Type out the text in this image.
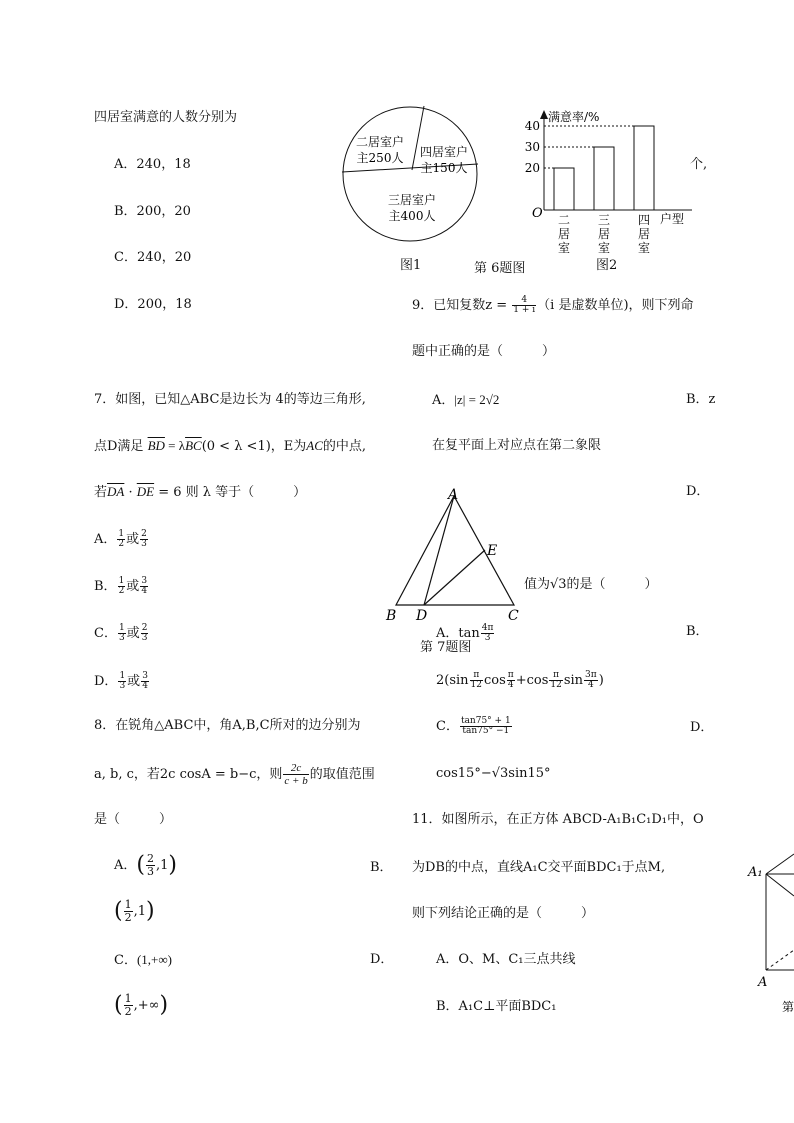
四居室满意的人数分别为
A．240，18
B．200，20
C．240，20
D．200，18
7．如图，已知△ABC是边长为 4的等边三角形,
点D满足 $\overline{BD} = \lambda\overline{BC}(0 < \lambda <1)$，E为AC的中点,
若$\overline{DA} \cdot \overline{DE} = 6$ 则 λ 等于（　　　）
A． $\frac{1}{2}$ 或 $\frac{2}{3}$
B． $\frac{1}{2}$ 或 $\frac{3}{4}$
C． $\frac{1}{3}$ 或 $\frac{2}{3}$
D． $\frac{1}{3}$ 或 $\frac{3}{4}$
8．在锐角△ABC中，角A,B,C所对的边分别为
a, b, c，若2c cosA = b−c，则 $\frac{2c}{c + b}$ 的取值范围
是（　　　）
A．( $\frac{2}{3} ,1$)	B．
( $\frac{1}{2} ,1$)
C．(1,+∞)	D．
( $\frac{1}{2}$ ,+∞)
二居室户
主250人 四居室户
主150人
三居室户
主400人
图1	第 6题图
满意率/%
O	户型
20
二
居
室
30
三
居
室
40
四
居
室
图2
个,
9．已知复数$z = \frac{4}{1 + i} (i$ 是虚数单位)，则下列命
题中正确的是（　　　）
A．|z| = 2√2	B．z
在复平面上对应点在第二象限
D．
A
B	C
D
E
值为√3的是（　　　）
第 7题图
A．$\tan \frac{4\pi}{3}$	B．
$2(\sin \frac{\pi}{12}$ $\cos \frac{\pi}{4} +\cos \frac{\pi}{12}$ $\sin \frac{3\pi}{4}$ )
C． $\frac{\tan 75^\circ + 1}{\tan 75^\circ -1}$	D．
cos15°−√3sin15°
11．如图所示，在正方体 ABCD-A₁B₁C₁D₁中，O
为DB的中点，直线A₁C交平面BDC₁于点M,
则下列结论正确的是（　　　）
A．O、M、C₁三点共线
B．A₁C⊥平面BDC₁
A₁
A
第
